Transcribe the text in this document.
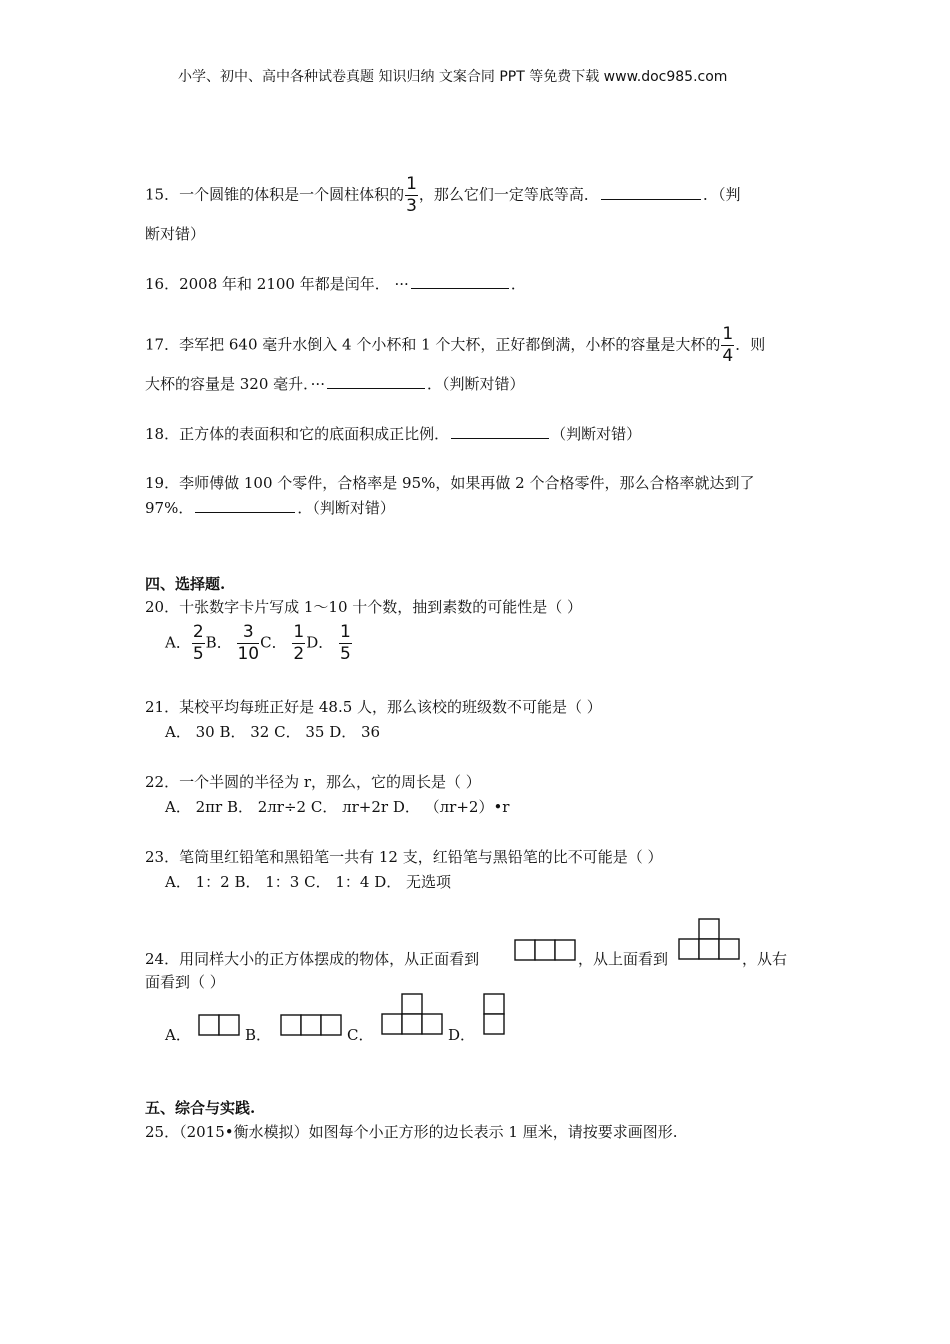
小学、初中、高中各种试卷真题 知识归纳 文案合同 PPT 等免费下载 www.doc985.com
15．一个圆锥的体积是一个圆柱体积的 $\frac{1}{3}$ ，那么它们一定等底等高．	．（判
断对错）
16．2008 年和 2100 年都是闰年． ···	．
17．李军把 640 毫升水倒入 4 个小杯和 1 个大杯，正好都倒满，小杯的容量是大杯的 $\frac{1}{4}$ ．则
大杯的容量是 320 毫升．···	．（判断对错）
18．正方体的表面积和它的底面积成正比例．	（判断对错）
19．李师傅做 100 个零件，合格率是 95%，如果再做 2 个合格零件，那么合格率就达到了
97%．	．（判断对错）
四、选择题.
20．十张数字卡片写成 1～10 十个数，抽到素数的可能性是（ ）
A． $\frac{2}{5}$ B． $\frac{3}{10}$ C． $\frac{1}{2}$ D． $\frac{1}{5}$
21．某校平均每班正好是 48.5 人，那么该校的班级数不可能是（ ）
A． 30 B． 32 C． 35 D． 36
22．一个半圆的半径为 r，那么，它的周长是（ ）
A． 2πr B． 2лr÷2 C． лr+2r D． （лr+2）•r
23．笔筒里红铅笔和黑铅笔一共有 12 支，红铅笔与黑铅笔的比不可能是（ ）
A． 1：2 B． 1：3 C． 1：4 D． 无选项
24．用同样大小的正方体摆成的物体，从正面看到	，从上面看到	，从右
面看到（ ）
A．	B．	C．	D．
五、综合与实践.
25．（2015•衡水模拟）如图每个小正方形的边长表示 1 厘米，请按要求画图形.
